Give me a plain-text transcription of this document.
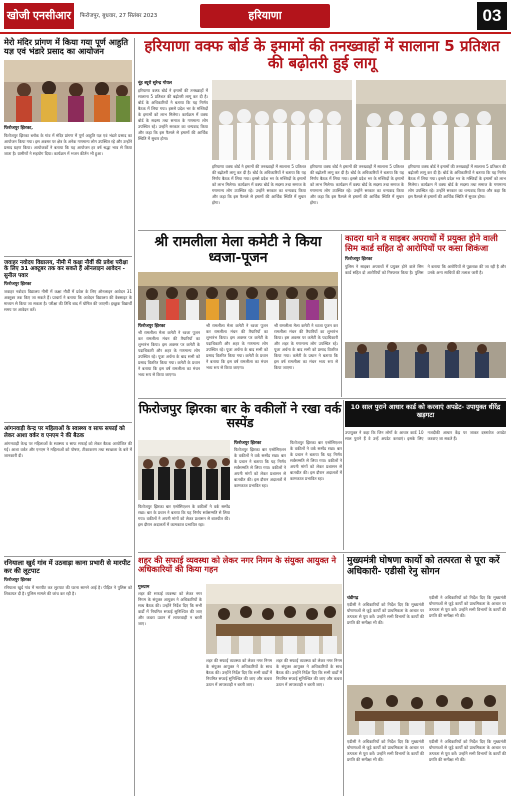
खोजी एनसीआर	फिरोजपुर, बुधवार, 27 सितंबर 2023	हरियाणा	03
मेरो मंदिर प्रांगण में किया गया पूर्ण आहुति यज्ञ एवं भंडारे प्रसाद का आयोजन
फिरोजपुर झिरका,
फिरोजपुर झिरका ब्लॉक के गांव में मंदिर प्रांगण में पूर्ण आहुति यज्ञ एवं भंडारे प्रसाद का आयोजन किया गया। इस अवसर पर क्षेत्र के अनेक गणमान्य लोग उपस्थित रहे और उन्होंने प्रसाद ग्रहण किया। आयोजकों ने बताया कि यह आयोजन हर वर्ष श्रद्धा भाव से किया जाता है। ग्रामीणों ने सहयोग दिया। कार्यक्रम में भजन कीर्तन भी हुआ।
जवाहर नवोदय विद्यालय, नीमी में कक्षा नौवीं की प्रवेश परीक्षा के लिए 31 अक्टूबर तक कर सकते हैं ऑनलाइन आवेदन - सुनील पवार
फिरोजपुर झिरका
जवाहर नवोदय विद्यालय नीमी में कक्षा नौवीं में प्रवेश के लिए ऑनलाइन आवेदन 31 अक्टूबर तक किए जा सकते हैं। प्राचार्य ने बताया कि आवेदन विद्यालय की वेबसाइट के माध्यम से किया जा सकता है। परीक्षा की तिथि बाद में घोषित की जाएगी। इच्छुक विद्यार्थी समय पर आवेदन करें।
आंगनवाड़ी केन्द्र पर महिलाओं के स्वास्थ्य व साफ सफाई को लेकर आशा वर्कर व एनएम ने की बैठक
आंगनवाड़ी केन्द्र पर महिलाओं के स्वास्थ्य व साफ सफाई को लेकर बैठक आयोजित की गई। आशा वर्कर और एनएम ने महिलाओं को पोषण, टीकाकरण तथा स्वच्छता के बारे में जानकारी दी।
रनियाला खुर्द गांव में उठवाड़ा काना प्रभारी से मारपीट कर की लूटपाट
फिरोजपुर झिरका
रनियाला खुर्द गांव में मारपीट कर लूटपाट की घटना सामने आई है। पीड़ित ने पुलिस को शिकायत दी है। पुलिस मामले की जांच कर रही है।
हरियाणा वक्फ बोर्ड के इमामों की तनख्वाहों में सालाना 5 प्रतिशत की बढ़ोतरी हुई लागू
नूंह ब्यूरो सुरेन्द्र गोयल
हरियाणा वक्फ बोर्ड ने इमामों की तनख्वाहों में सालाना 5 प्रतिशत की बढ़ोतरी लागू कर दी है। बोर्ड के अधिकारियों ने बताया कि यह निर्णय बैठक में लिया गया। इससे प्रदेश भर के मस्जिदों के इमामों को लाभ मिलेगा। कार्यक्रम में वक्फ बोर्ड के सदस्य तथा समाज के गणमान्य लोग उपस्थित रहे। उन्होंने सरकार का धन्यवाद किया और कहा कि इस फैसले से इमामों की आर्थिक स्थिति में सुधार होगा।
हरियाणा वक्फ बोर्ड ने इमामों की तनख्वाहों में सालाना 5 प्रतिशत की बढ़ोतरी लागू कर दी है। बोर्ड के अधिकारियों ने बताया कि यह निर्णय बैठक में लिया गया। इससे प्रदेश भर के मस्जिदों के इमामों को लाभ मिलेगा। कार्यक्रम में वक्फ बोर्ड के सदस्य तथा समाज के गणमान्य लोग उपस्थित रहे। उन्होंने सरकार का धन्यवाद किया और कहा कि इस फैसले से इमामों की आर्थिक स्थिति में सुधार होगा।
हरियाणा वक्फ बोर्ड ने इमामों की तनख्वाहों में सालाना 5 प्रतिशत की बढ़ोतरी लागू कर दी है। बोर्ड के अधिकारियों ने बताया कि यह निर्णय बैठक में लिया गया। इससे प्रदेश भर के मस्जिदों के इमामों को लाभ मिलेगा। कार्यक्रम में वक्फ बोर्ड के सदस्य तथा समाज के गणमान्य लोग उपस्थित रहे। उन्होंने सरकार का धन्यवाद किया और कहा कि इस फैसले से इमामों की आर्थिक स्थिति में सुधार होगा।
हरियाणा वक्फ बोर्ड ने इमामों की तनख्वाहों में सालाना 5 प्रतिशत की बढ़ोतरी लागू कर दी है। बोर्ड के अधिकारियों ने बताया कि यह निर्णय बैठक में लिया गया। इससे प्रदेश भर के मस्जिदों के इमामों को लाभ मिलेगा। कार्यक्रम में वक्फ बोर्ड के सदस्य तथा समाज के गणमान्य लोग उपस्थित रहे। उन्होंने सरकार का धन्यवाद किया और कहा कि इस फैसले से इमामों की आर्थिक स्थिति में सुधार होगा।
श्री रामलीला मेला कमेटी ने किया ध्वजा-पूजन
फिरोजपुर झिरका
श्री रामलीला मेला कमेटी ने ध्वजा पूजन कर रामलीला मंचन की तैयारियों का शुभारंभ किया। इस अवसर पर कमेटी के पदाधिकारी और शहर के गणमान्य लोग उपस्थित रहे। पूजा अर्चना के बाद सभी को प्रसाद वितरित किया गया। कमेटी के प्रधान ने बताया कि इस वर्ष रामलीला का मंचन भव्य रूप से किया जाएगा।
श्री रामलीला मेला कमेटी ने ध्वजा पूजन कर रामलीला मंचन की तैयारियों का शुभारंभ किया। इस अवसर पर कमेटी के पदाधिकारी और शहर के गणमान्य लोग उपस्थित रहे। पूजा अर्चना के बाद सभी को प्रसाद वितरित किया गया। कमेटी के प्रधान ने बताया कि इस वर्ष रामलीला का मंचन भव्य रूप से किया जाएगा।
श्री रामलीला मेला कमेटी ने ध्वजा पूजन कर रामलीला मंचन की तैयारियों का शुभारंभ किया। इस अवसर पर कमेटी के पदाधिकारी और शहर के गणमान्य लोग उपस्थित रहे। पूजा अर्चना के बाद सभी को प्रसाद वितरित किया गया। कमेटी के प्रधान ने बताया कि इस वर्ष रामलीला का मंचन भव्य रूप से किया जाएगा।
कादरा थाने व साइबर अपराधों में प्रयुक्त होने वाली सिम कार्ड सहित दो आरोपियों पर कसा शिकंजा
फिरोजपुर झिरका
पुलिस ने साइबर अपराधों में प्रयुक्त होने वाले सिम कार्ड सहित दो आरोपियों को गिरफ्तार किया है। पुलिस ने बताया कि आरोपियों से पूछताछ की जा रही है और उनके अन्य साथियों की तलाश जारी है।
10 साल पुराने आधार कार्ड को करवाएं अपडेट- उपायुक्त धीरेंद्र खड़गटा
उपायुक्त ने कहा कि जिन लोगों के आधार कार्ड 10 साल पुराने हैं वे उन्हें अपडेट करवाएं। इसके लिए नजदीकी आधार केंद्र पर जाकर दस्तावेज अपडेट करवाए जा सकते हैं।
फिरोजपुर झिरका बार के वकीलों ने रखा वर्क सस्पेंड
फिरोजपुर झिरका
फिरोजपुर झिरका बार एसोसिएशन के वकीलों ने वर्क सस्पेंड रखा। बार के प्रधान ने बताया कि यह निर्णय सर्वसम्मति से लिया गया। वकीलों ने अपनी मांगों को लेकर प्रशासन से बातचीत की। इस दौरान अदालतों में कामकाज प्रभावित रहा।
फिरोजपुर झिरका बार एसोसिएशन के वकीलों ने वर्क सस्पेंड रखा। बार के प्रधान ने बताया कि यह निर्णय सर्वसम्मति से लिया गया। वकीलों ने अपनी मांगों को लेकर प्रशासन से बातचीत की। इस दौरान अदालतों में कामकाज प्रभावित रहा।
फिरोजपुर झिरका बार एसोसिएशन के वकीलों ने वर्क सस्पेंड रखा। बार के प्रधान ने बताया कि यह निर्णय सर्वसम्मति से लिया गया। वकीलों ने अपनी मांगों को लेकर प्रशासन से बातचीत की। इस दौरान अदालतों में कामकाज प्रभावित रहा।
शहर की सफाई व्यवस्था को लेकर नगर निगम के संयुक्त आयुक्त ने अधिकारियों की किया गहन
गुरुग्राम
शहर की सफाई व्यवस्था को लेकर नगर निगम के संयुक्त आयुक्त ने अधिकारियों के साथ बैठक की। उन्होंने निर्देश दिए कि सभी वार्डों में नियमित सफाई सुनिश्चित की जाए और कचरा उठान में लापरवाही न बरती जाए।
शहर की सफाई व्यवस्था को लेकर नगर निगम के संयुक्त आयुक्त ने अधिकारियों के साथ बैठक की। उन्होंने निर्देश दिए कि सभी वार्डों में नियमित सफाई सुनिश्चित की जाए और कचरा उठान में लापरवाही न बरती जाए।
शहर की सफाई व्यवस्था को लेकर नगर निगम के संयुक्त आयुक्त ने अधिकारियों के साथ बैठक की। उन्होंने निर्देश दिए कि सभी वार्डों में नियमित सफाई सुनिश्चित की जाए और कचरा उठान में लापरवाही न बरती जाए।
मुख्यमंत्री घोषणा कार्यो को तत्परता से पूरा करें अधिकारी- एडीसी रेनु सोगन
चंडीगढ़
एडीसी ने अधिकारियों को निर्देश दिए कि मुख्यमंत्री घोषणाओं से जुड़े कार्यों को प्राथमिकता के आधार पर तत्परता से पूरा करें। उन्होंने सभी विभागों के कार्यों की प्रगति की समीक्षा भी की।
एडीसी ने अधिकारियों को निर्देश दिए कि मुख्यमंत्री घोषणाओं से जुड़े कार्यों को प्राथमिकता के आधार पर तत्परता से पूरा करें। उन्होंने सभी विभागों के कार्यों की प्रगति की समीक्षा भी की।
एडीसी ने अधिकारियों को निर्देश दिए कि मुख्यमंत्री घोषणाओं से जुड़े कार्यों को प्राथमिकता के आधार पर तत्परता से पूरा करें। उन्होंने सभी विभागों के कार्यों की प्रगति की समीक्षा भी की।
एडीसी ने अधिकारियों को निर्देश दिए कि मुख्यमंत्री घोषणाओं से जुड़े कार्यों को प्राथमिकता के आधार पर तत्परता से पूरा करें। उन्होंने सभी विभागों के कार्यों की प्रगति की समीक्षा भी की।
